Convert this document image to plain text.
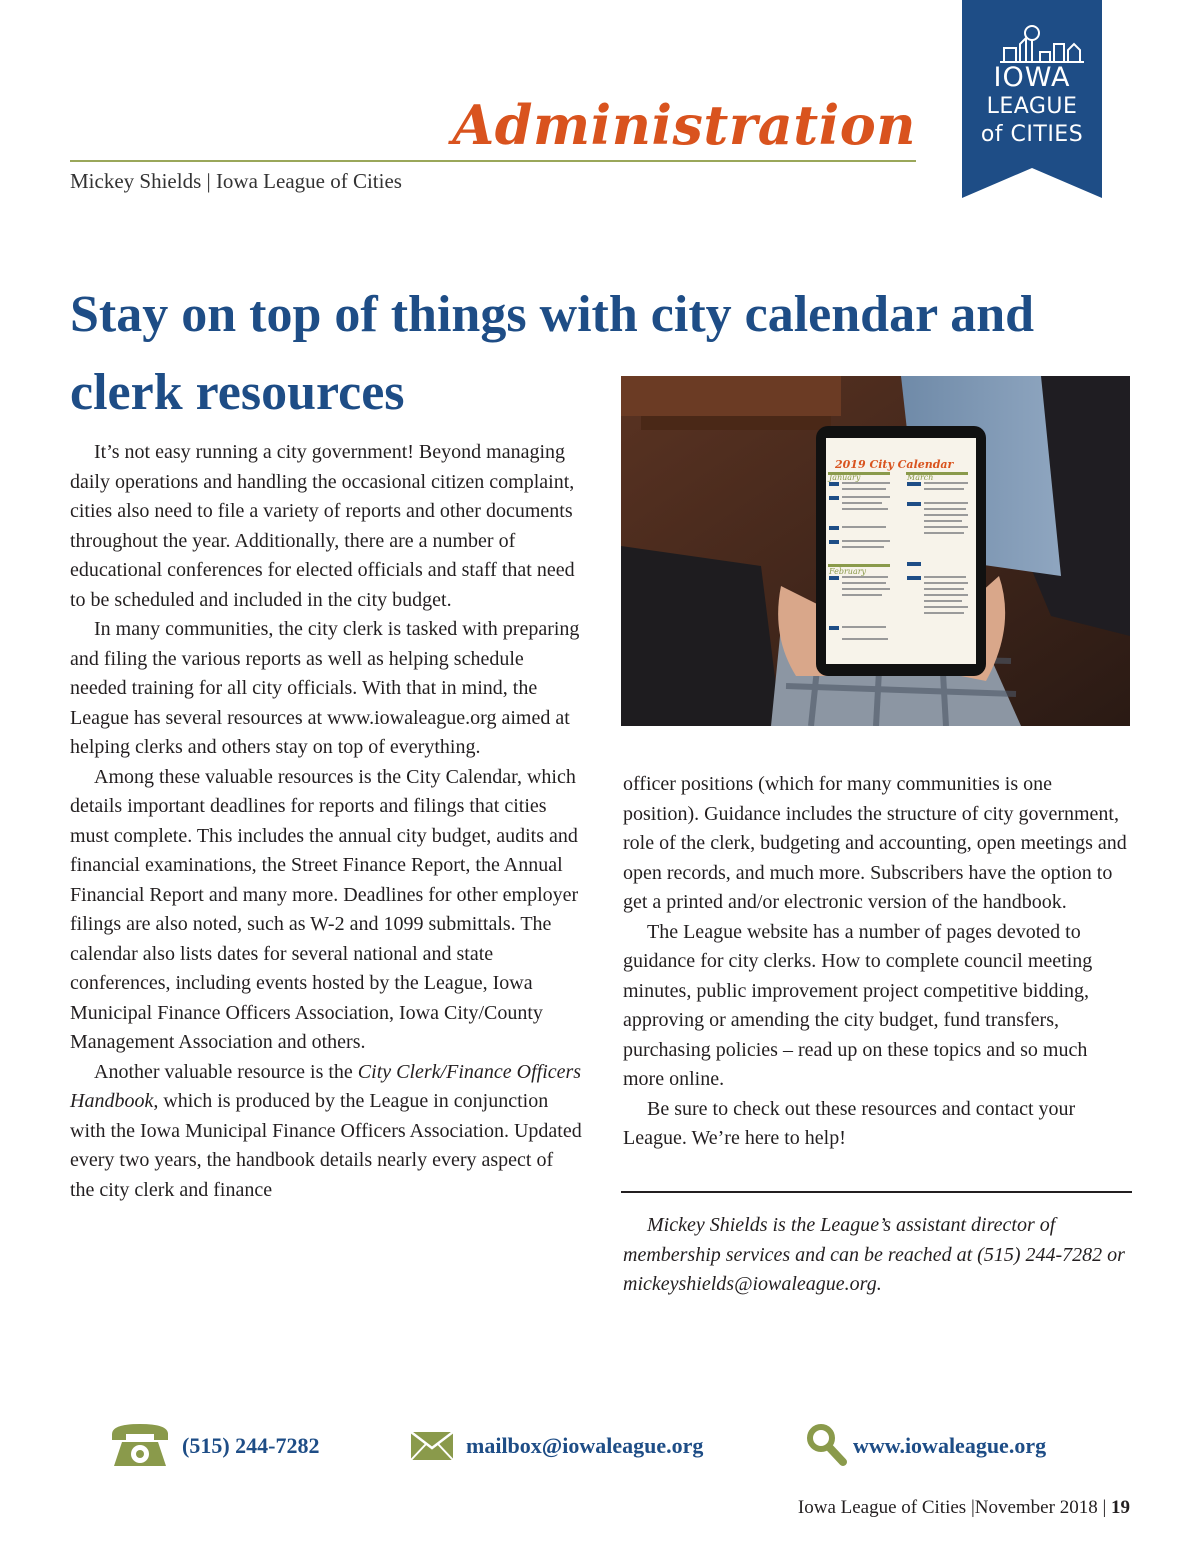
Administration
Mickey Shields | Iowa League of Cities
IOWA
LEAGUE
of CITIES
Stay on top of things with city calendar and clerk resources
2019 City Calendar
January
February
March

It’s not easy running a city government! Beyond managing daily operations and handling the occasional citizen complaint, cities also need to file a variety of reports and other documents throughout the year. Additionally, there are a number of educational conferences for elected officials and staff that need to be scheduled and included in the city budget.

In many communities, the city clerk is tasked with preparing and filing the various reports as well as helping schedule needed training for all city officials. With that in mind, the League has several resources at www.iowaleague.org aimed at helping clerks and others stay on top of everything.

Among these valuable resources is the City Calendar, which details important deadlines for reports and filings that cities must complete. This includes the annual city budget, audits and financial examinations, the Street Finance Report, the Annual Financial Report and many more. Deadlines for other employer filings are also noted, such as W-2 and 1099 submittals. The calendar also lists dates for several national and state conferences, including events hosted by the League, Iowa Municipal Finance Officers Association, Iowa City/County Management Association and others.

Another valuable resource is the City Clerk/Finance Officers Handbook, which is produced by the League in conjunction with the Iowa Municipal Finance Officers Association. Updated every two years, the handbook details nearly every aspect of the city clerk and finance

officer positions (which for many communities is one position). Guidance includes the structure of city government, role of the clerk, budgeting and accounting, open meetings and open records, and much more. Subscribers have the option to get a printed and/or electronic version of the handbook.

The League website has a number of pages devoted to guidance for city clerks. How to complete council meeting minutes, public improvement project competitive bidding, approving or amending the city budget, fund transfers, purchasing policies – read up on these topics and so much more online.

Be sure to check out these resources and contact your League. We’re here to help!

Mickey Shields is the League’s assistant director of membership services and can be reached at (515) 244-7282 or mickeyshields@iowaleague.org.
(515) 244-7282	mailbox@iowaleague.org	www.iowaleague.org
Iowa League of Cities |November 2018 | 19
